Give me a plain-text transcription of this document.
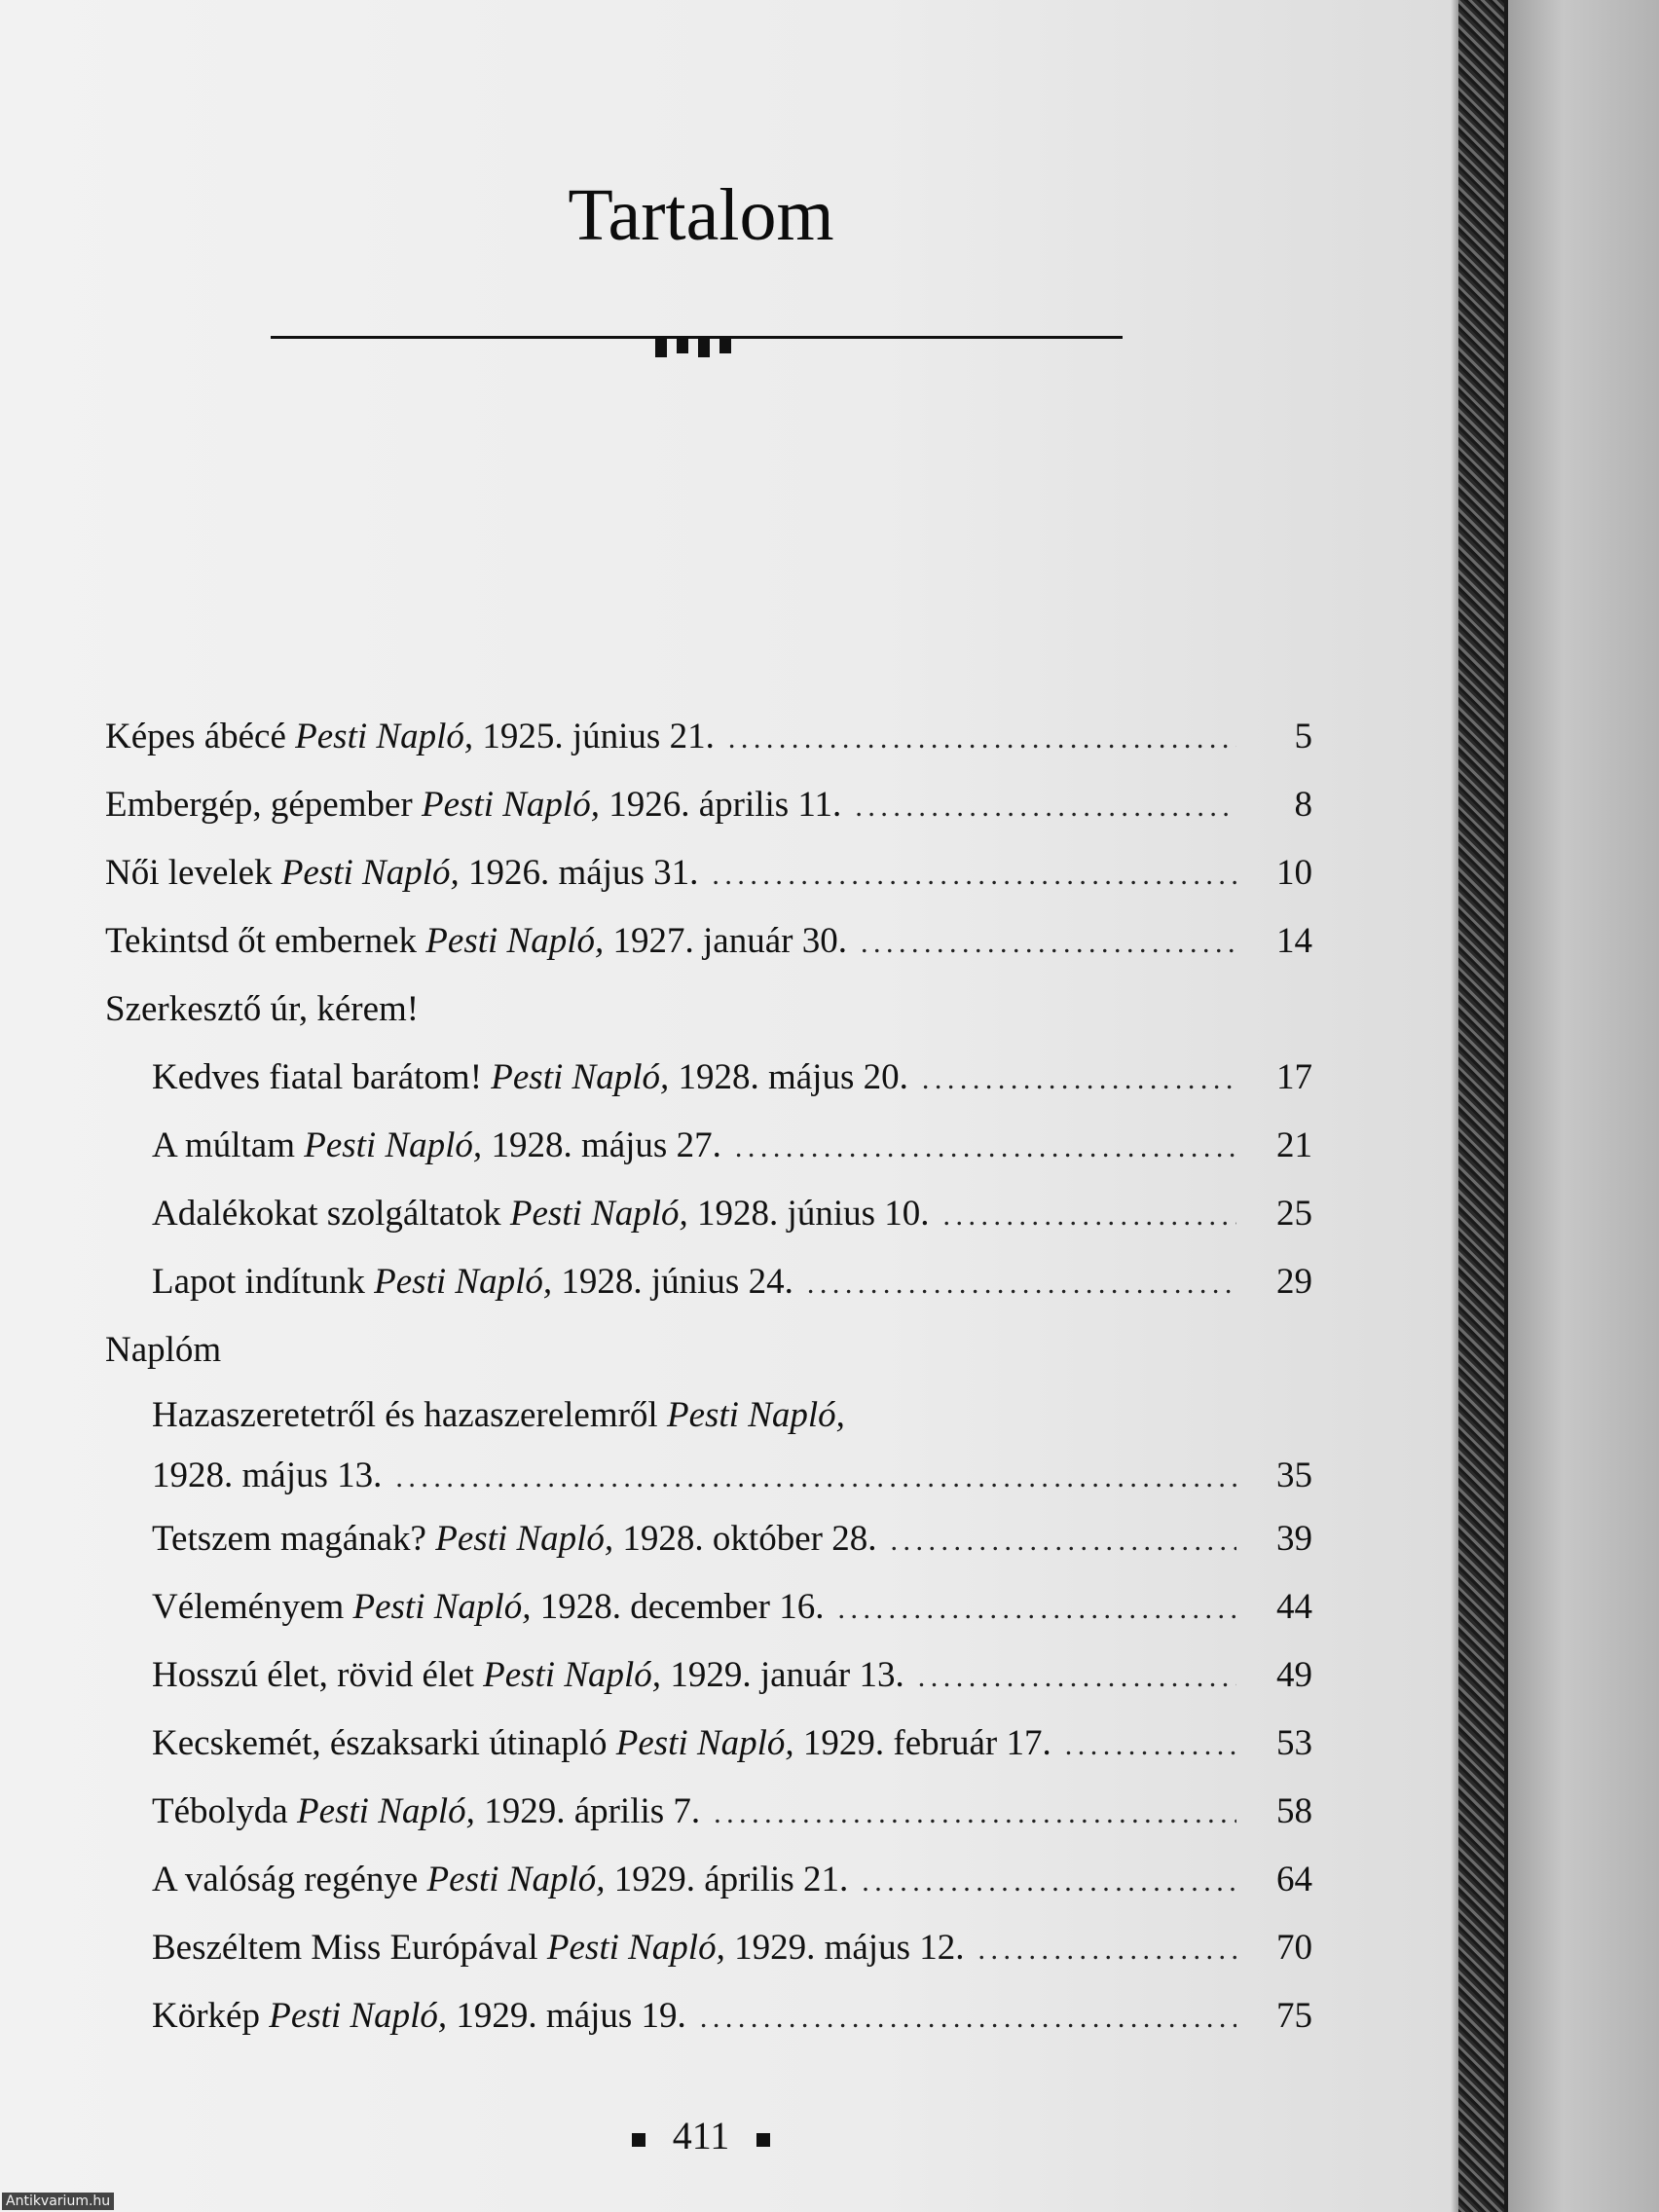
Tartalom
Képes ábécé Pesti Napló, 1925. június 21. . . .	5
Embergép, gépember Pesti Napló, 1926. április 11. . . .	8
Női levelek Pesti Napló, 1926. május 31. . . .	10
Tekintsd őt embernek Pesti Napló, 1927. január 30. . . .	14
Szerkesztő úr, kérem!
Kedves fiatal barátom! Pesti Napló, 1928. május 20. . . .	17
A múltam Pesti Napló, 1928. május 27. . . .	21
Adalékokat szolgáltatok Pesti Napló, 1928. június 10. . . .	25
Lapot indítunk Pesti Napló, 1928. június 24. . . .	29
Naplóm
Hazaszeretetről és hazaszerelemről Pesti Napló,
1928. május 13. . . .	35
Tetszem magának? Pesti Napló, 1928. október 28. . . .	39
Véleményem Pesti Napló, 1928. december 16. . . .	44
Hosszú élet, rövid élet Pesti Napló, 1929. január 13. . . .	49
Kecskemét, északsarki útinapló Pesti Napló, 1929. február 17. . . .	53
Tébolyda Pesti Napló, 1929. április 7. . . .	58
A valóság regénye Pesti Napló, 1929. április 21. . . .	64
Beszéltem Miss Európával Pesti Napló, 1929. május 12. . . .	70
Körkép Pesti Napló, 1929. május 19. . . .	75
411
Antikvarium.hu
